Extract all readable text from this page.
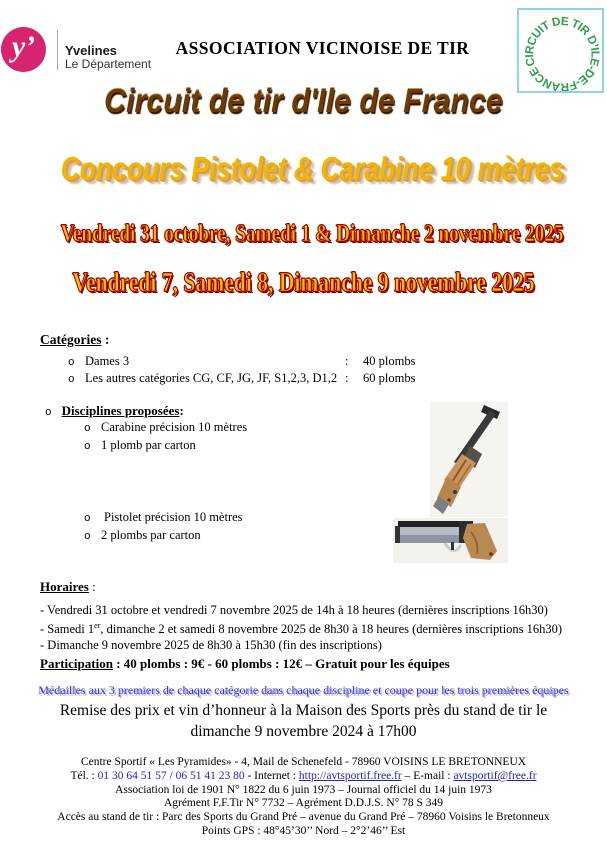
y’ Yvelines
Le Département
ASSOCIATION VICINOISE DE TIR
CIRCUIT DE TIR D’ILE-DE-FRANCE
Circuit de tir d'Ile de France
Concours Pistolet & Carabine 10 mètres
Vendredi 31 octobre, Samedi 1 & Dimanche 2 novembre 2025
Vendredi 7, Samedi 8, Dimanche 9 novembre 2025
Catégories :
o Dames 3	:	40 plombs
o Les autres catégories CG, CF, JG, JF, S1,2,3, D1,2 :	60 plombs
o Disciplines proposées:
o Carabine précision 10 mètres
o 1 plomb par carton
o	Pistolet précision 10 mètres
o 2 plombs par carton
Horaires :
- Vendredi 31 octobre et vendredi 7 novembre 2025 de 14h à 18 heures (dernières inscriptions 16h30)
- Samedi 1er, dimanche 2 et samedi 8 novembre 2025 de 8h30 à 18 heures (dernières inscriptions 16h30)
- Dimanche 9 novembre 2025 de 8h30 à 15h30 (fin des inscriptions)
Participation : 40 plombs : 9€ - 60 plombs : 12€ – Gratuit pour les équipes
Médailles aux 3 premiers de chaque catégorie dans chaque discipline et coupe pour les trois premières équipes
Remise des prix et vin d’honneur à la Maison des Sports près du stand de tir le dimanche 9 novembre 2024 à 17h00
Centre Sportif « Les Pyramides» - 4, Mail de Schenefeld - 78960 VOISINS LE BRETONNEUX
Tél. : 01 30 64 51 57 / 06 51 41 23 80 - Internet : http://avtsportif.free.fr – E-mail : avtsportif@free.fr
Association loi de 1901 N° 1822 du 6 juin 1973 – Journal officiel du 14 juin 1973
Agrément F.F.Tir N° 7732 – Agrément D.D.J.S. N° 78 S 349
Accès au stand de tir : Parc des Sports du Grand Pré – avenue du Grand Pré – 78960 Voisins le Bretonneux
Points GPS : 48°45’30’’ Nord – 2°2’46’’ Est
